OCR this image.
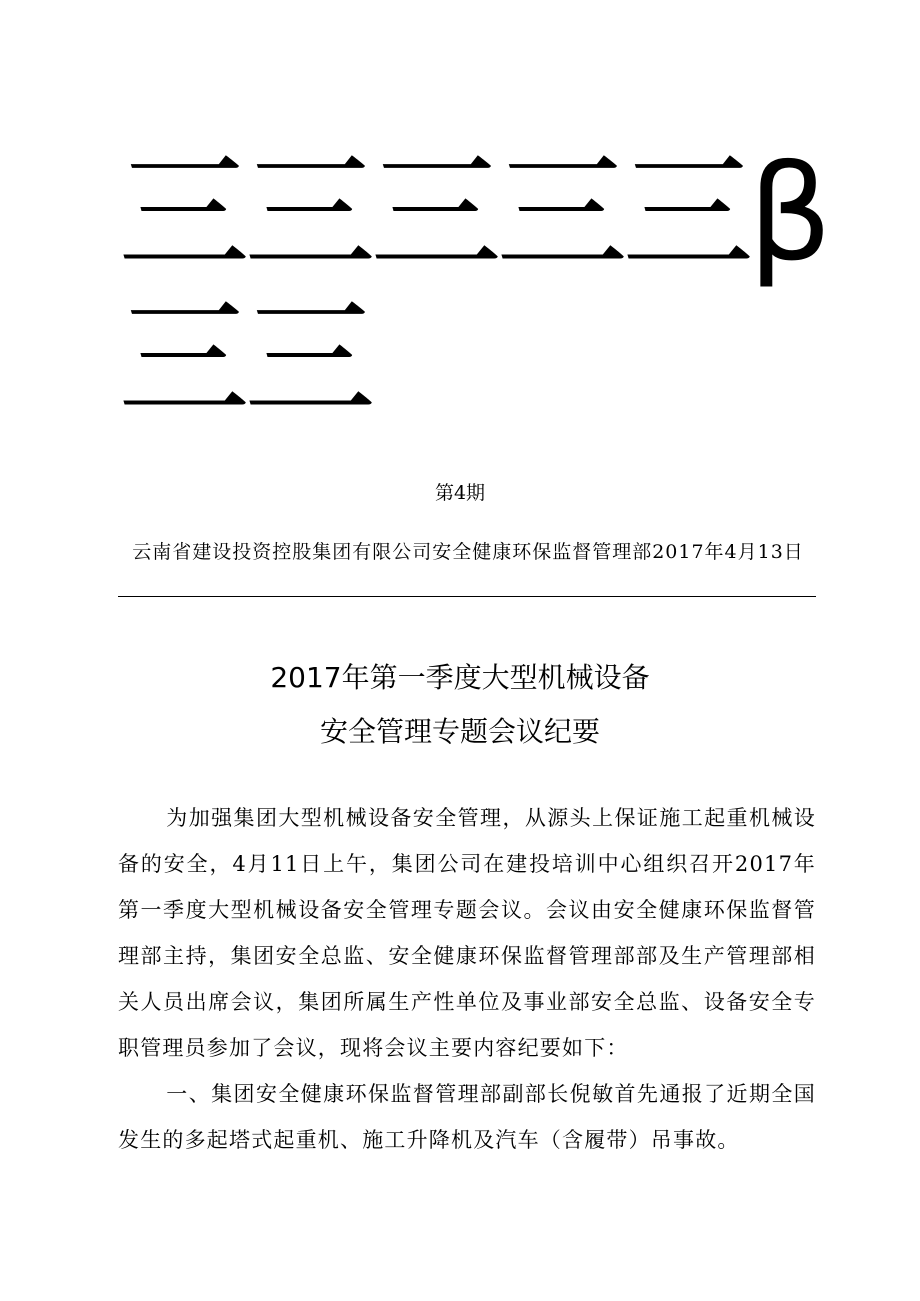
三三三三三β
三三
第4期
云南省建设投资控股集团有限公司安全健康环保监督管理部2017年4月13日
2017年第一季度大型机械设备
安全管理专题会议纪要

为加强集团大型机械设备安全管理，从源头上保证施工起重机械设备的安全，4月11日上午，集团公司在建投培训中心组织召开2017年第一季度大型机械设备安全管理专题会议。会议由安全健康环保监督管理部主持，集团安全总监、安全健康环保监督管理部部及生产管理部相关人员出席会议，集团所属生产性单位及事业部安全总监、设备安全专职管理员参加了会议，现将会议主要内容纪要如下：

一、集团安全健康环保监督管理部副部长倪敏首先通报了近期全国发生的多起塔式起重机、施工升降机及汽车（含履带）吊事故。
